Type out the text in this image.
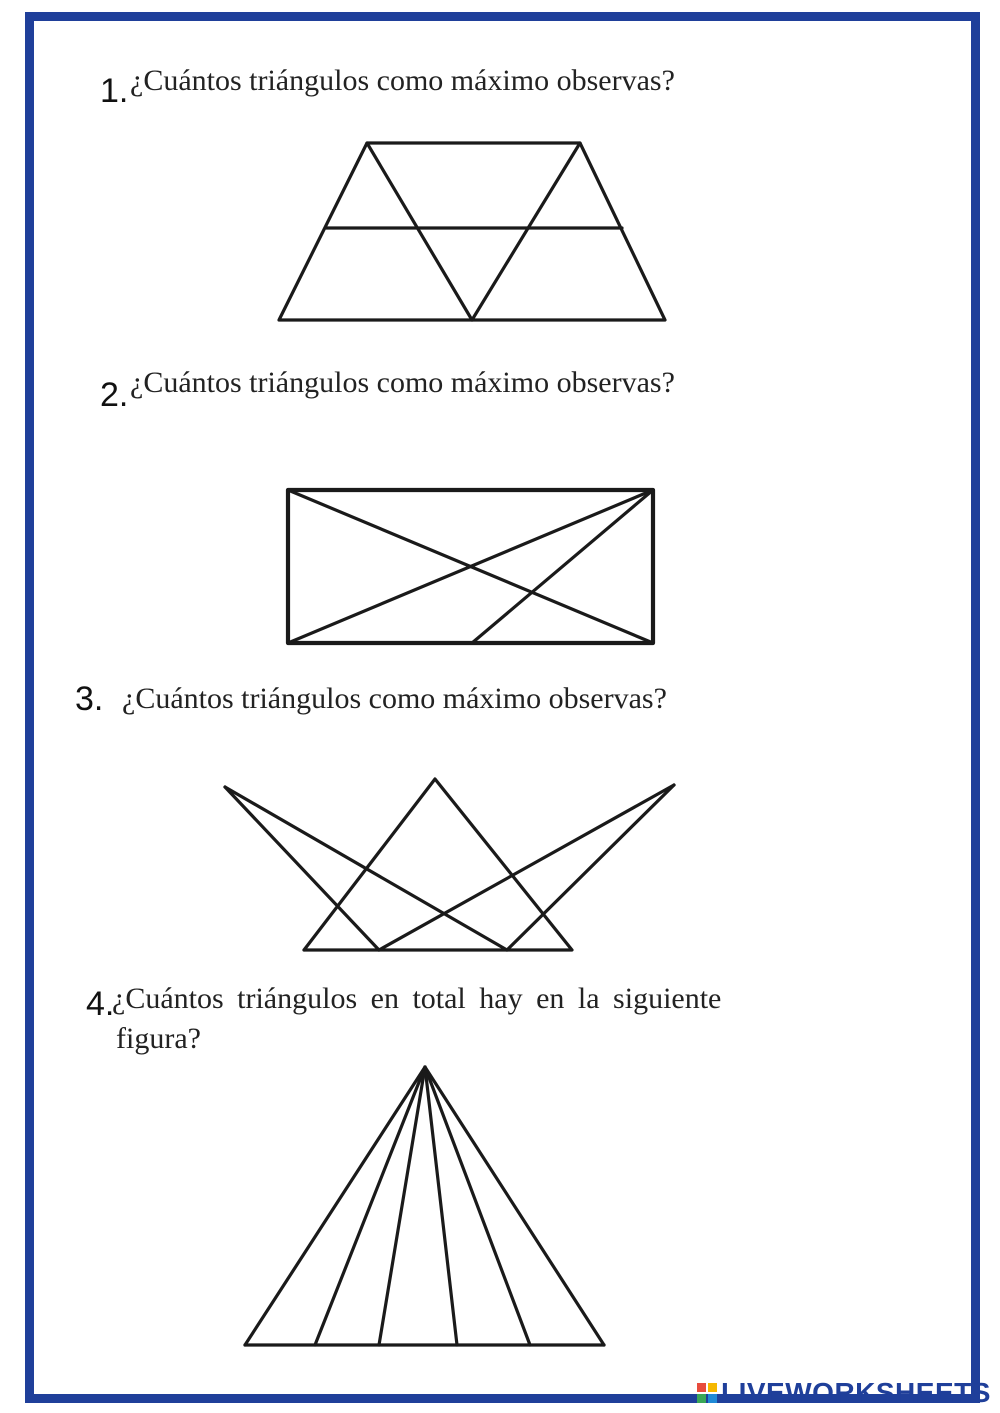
1. ¿Cuántos triángulos como máximo observas?
2. ¿Cuántos triángulos como máximo observas?
3. ¿Cuántos triángulos como máximo observas?
4.
¿Cuántos triángulos en total hay en la siguiente
figura?
LIVEWORKSHEETS
